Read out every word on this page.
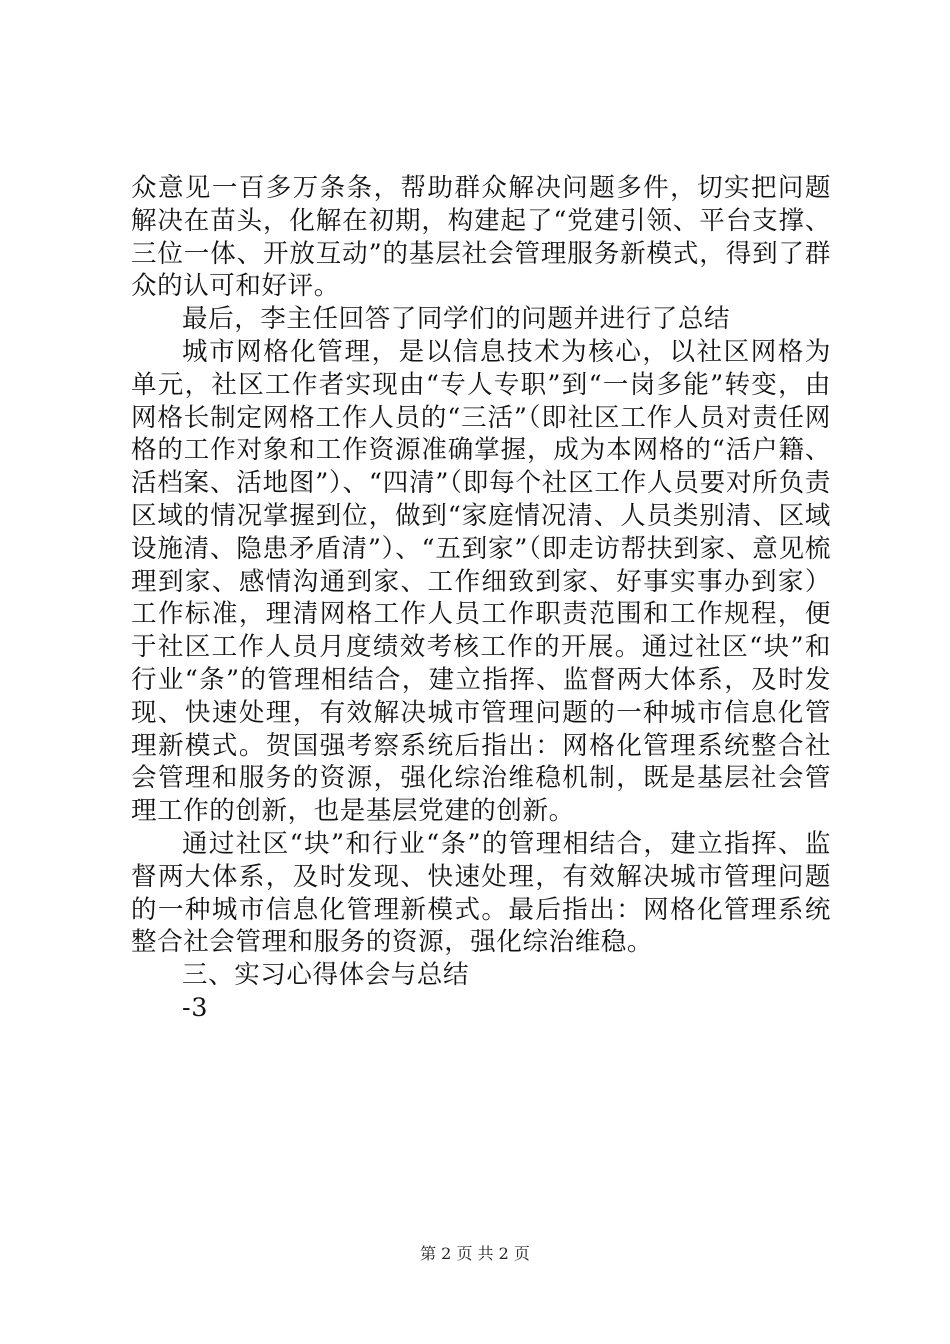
众意见一百多万条条，帮助群众解决问题多件，切实把问题解决在苗头，化解在初期，构建起了“党建引领、平台支撑、三位一体、开放互动”的基层社会管理服务新模式，得到了群众的认可和好评。

最后，李主任回答了同学们的问题并进行了总结

城市网格化管理，是以信息技术为核心，以社区网格为单元，社区工作者实现由“专人专职”到“一岗多能”转变，由网格长制定网格工作人员的“三活”（即社区工作人员对责任网格的工作对象和工作资源准确掌握，成为本网格的“活户籍、活档案、活地图”）、“四清”（即每个社区工作人员要对所负责区域的情况掌握到位，做到“家庭情况清、人员类别清、区域设施清、隐患矛盾清”）、“五到家”（即走访帮扶到家、意见梳理到家、感情沟通到家、工作细致到家、好事实事办到家）工作标准，理清网格工作人员工作职责范围和工作规程，便于社区工作人员月度绩效考核工作的开展。通过社区“块”和行业“条”的管理相结合，建立指挥、监督两大体系，及时发现、快速处理，有效解决城市管理问题的一种城市信息化管理新模式。贺国强考察系统后指出：网格化管理系统整合社会管理和服务的资源，强化综治维稳机制，既是基层社会管理工作的创新，也是基层党建的创新。

通过社区“块”和行业“条”的管理相结合，建立指挥、监督两大体系，及时发现、快速处理，有效解决城市管理问题的一种城市信息化管理新模式。最后指出：网格化管理系统整合社会管理和服务的资源，强化综治维稳。

三、实习心得体会与总结

-3

第 2 页 共 2 页
